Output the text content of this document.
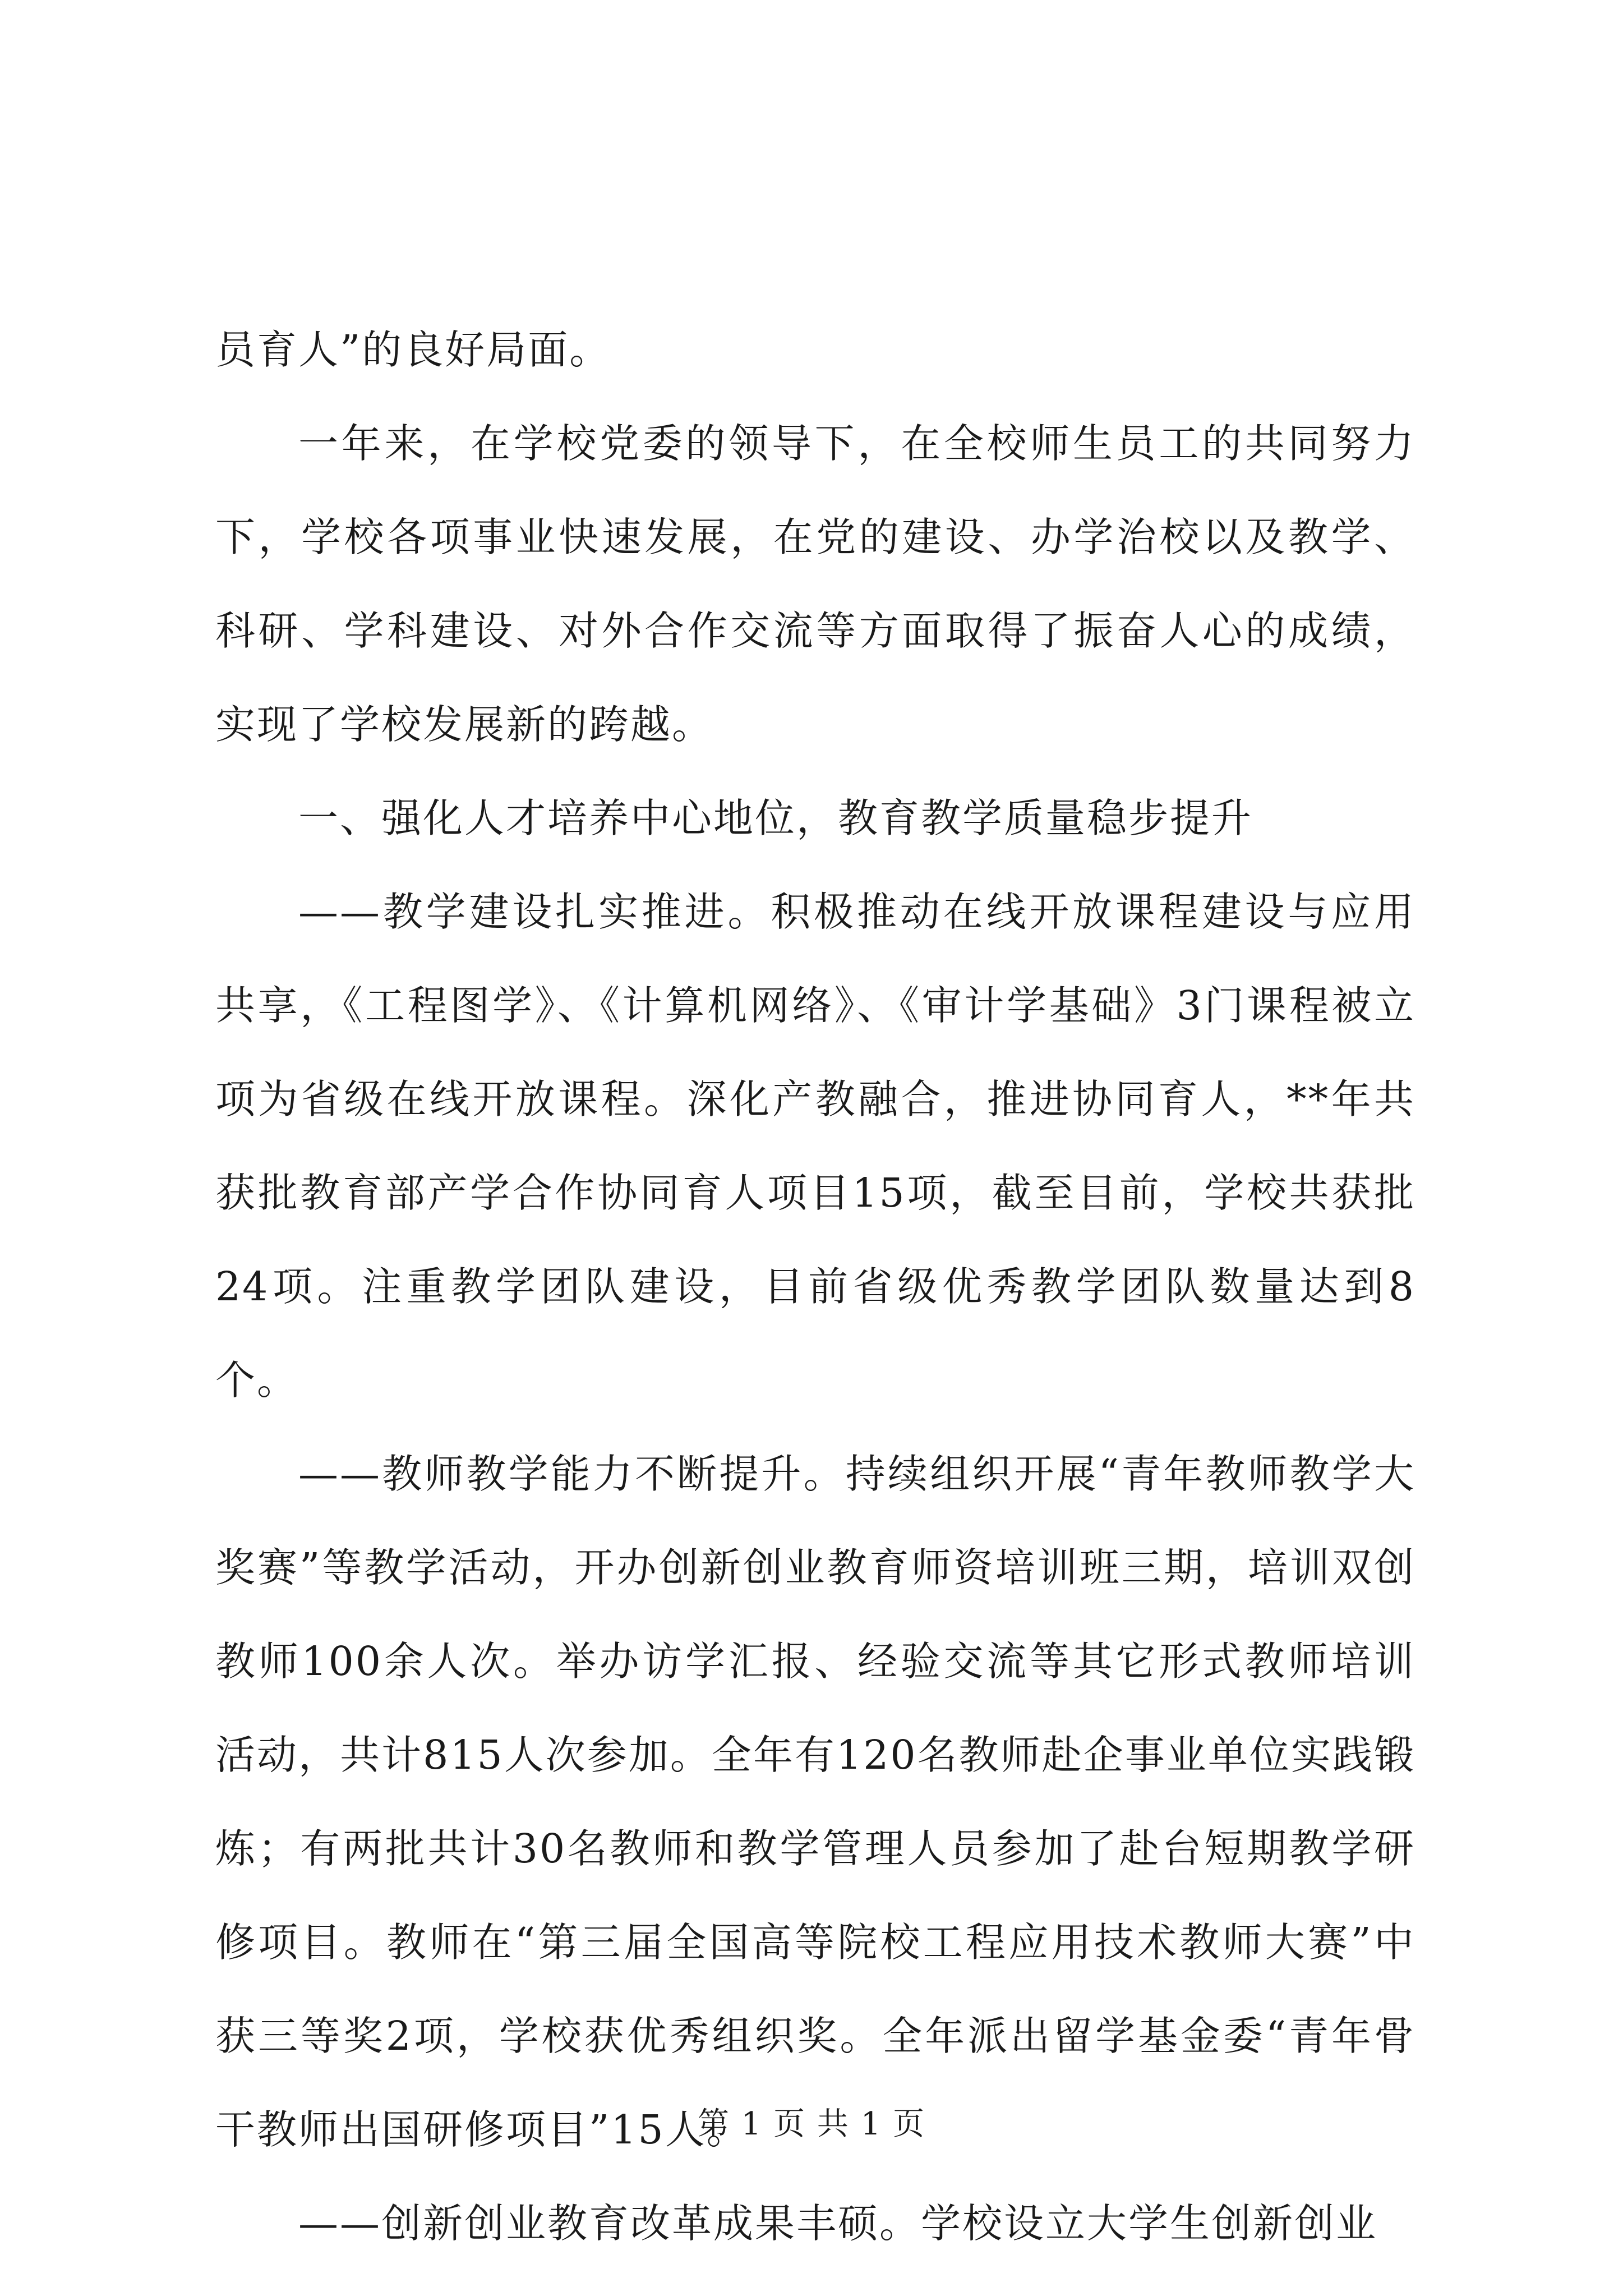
员育人”的良好局面。

一年来，在学校党委的领导下，在全校师生员工的共同努力下，学校各项事业快速发展，在党的建设、办学治校以及教学、科研、学科建设、对外合作交流等方面取得了振奋人心的成绩，实现了学校发展新的跨越。

一、强化人才培养中心地位，教育教学质量稳步提升

——教学建设扎实推进。积极推动在线开放课程建设与应用共享，《工程图学》、《计算机网络》、《审计学基础》3门课程被立项为省级在线开放课程。深化产教融合，推进协同育人，**年共获批教育部产学合作协同育人项目15项，截至目前，学校共获批24项。注重教学团队建设，目前省级优秀教学团队数量达到8个。

——教师教学能力不断提升。持续组织开展“青年教师教学大奖赛”等教学活动，开办创新创业教育师资培训班三期，培训双创教师100余人次。举办访学汇报、经验交流等其它形式教师培训活动，共计815人次参加。全年有120名教师赴企事业单位实践锻炼；有两批共计30名教师和教学管理人员参加了赴台短期教学研修项目。教师在“第三届全国高等院校工程应用技术教师大赛”中获三等奖2项，学校获优秀组织奖。全年派出留学基金委“青年骨干教师出国研修项目”15人。

——创新创业教育改革成果丰硕。学校设立大学生创新创业

第 1 页 共 1 页
